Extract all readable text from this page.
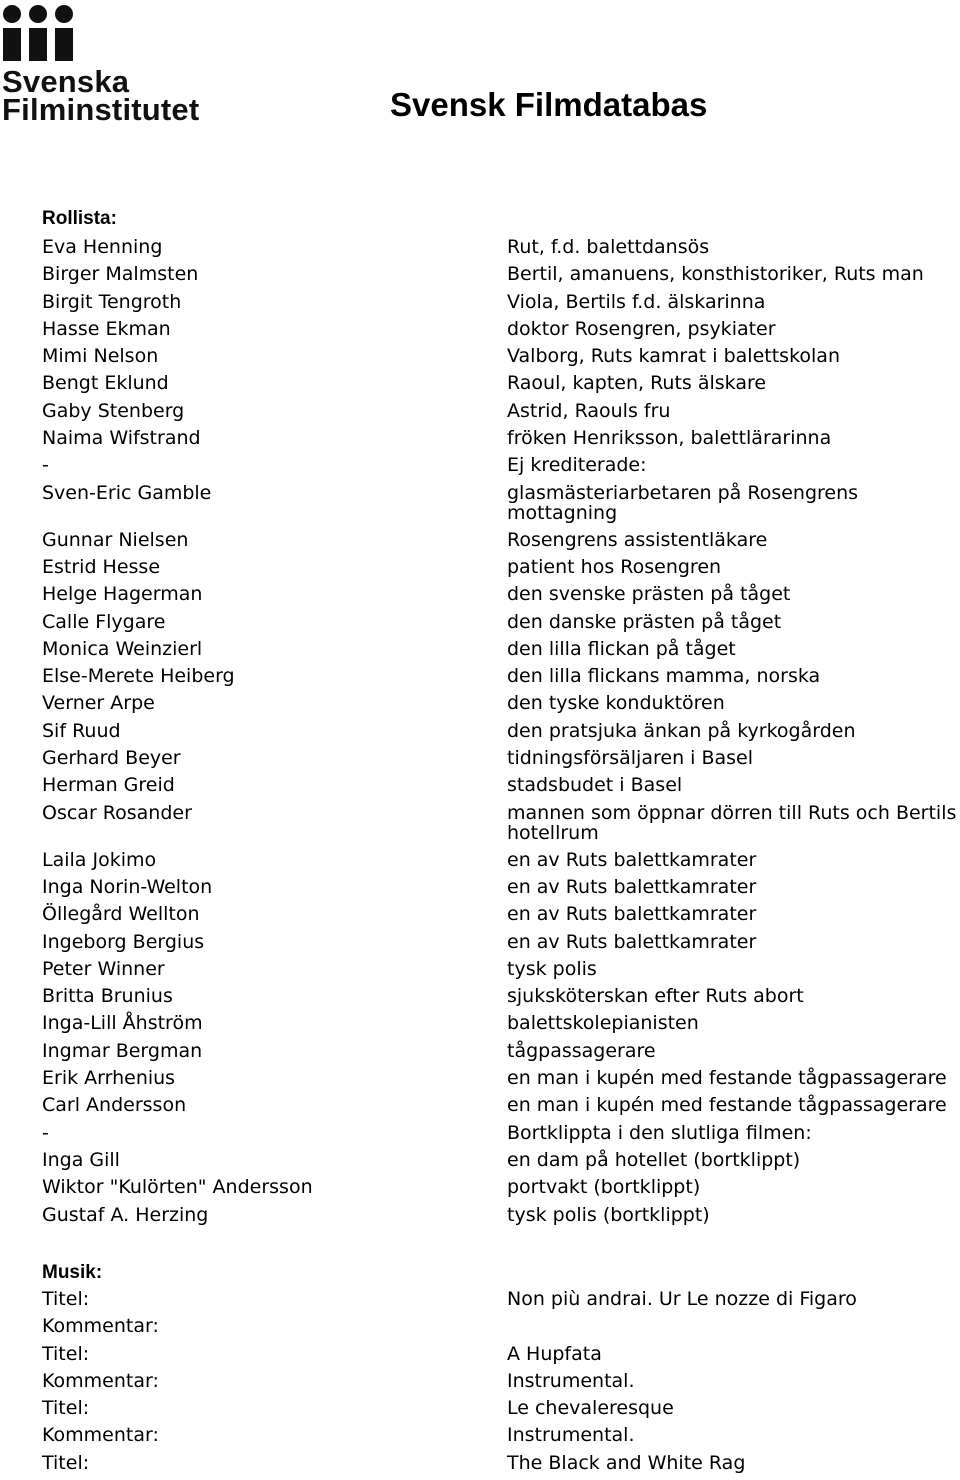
Svenska
Filminstitutet	Svensk Filmdatabas
Rollista:
Eva Henning	Rut, f.d. balettdansös
Birger Malmsten	Bertil, amanuens, konsthistoriker, Ruts man
Birgit Tengroth	Viola, Bertils f.d. älskarinna
Hasse Ekman	doktor Rosengren, psykiater
Mimi Nelson	Valborg, Ruts kamrat i balettskolan
Bengt Eklund	Raoul, kapten, Ruts älskare
Gaby Stenberg	Astrid, Raouls fru
Naima Wifstrand	fröken Henriksson, balettlärarinna
-	Ej krediterade:
Sven-Eric Gamble	glasmästeriarbetaren på Rosengrens mottagning
Gunnar Nielsen	Rosengrens assistentläkare
Estrid Hesse	patient hos Rosengren
Helge Hagerman	den svenske prästen på tåget
Calle Flygare	den danske prästen på tåget
Monica Weinzierl	den lilla flickan på tåget
Else-Merete Heiberg	den lilla flickans mamma, norska
Verner Arpe	den tyske konduktören
Sif Ruud	den pratsjuka änkan på kyrkogården
Gerhard Beyer	tidningsförsäljaren i Basel
Herman Greid	stadsbudet i Basel
Oscar Rosander	mannen som öppnar dörren till Ruts och Bertils hotellrum
Laila Jokimo	en av Ruts balettkamrater
Inga Norin-Welton	en av Ruts balettkamrater
Öllegård Wellton	en av Ruts balettkamrater
Ingeborg Bergius	en av Ruts balettkamrater
Peter Winner	tysk polis
Britta Brunius	sjuksköterskan efter Ruts abort
Inga-Lill Åhström	balettskolepianisten
Ingmar Bergman	tågpassagerare
Erik Arrhenius	en man i kupén med festande tågpassagerare
Carl Andersson	en man i kupén med festande tågpassagerare
-	Bortklippta i den slutliga filmen:
Inga Gill	en dam på hotellet (bortklippt)
Wiktor "Kulörten" Andersson	portvakt (bortklippt)
Gustaf A. Herzing	tysk polis (bortklippt)
Musik:
Titel:	Non più andrai. Ur Le nozze di Figaro
Kommentar:
Titel:	A Hupfata
Kommentar:	Instrumental.
Titel:	Le chevaleresque
Kommentar:	Instrumental.
Titel:	The Black and White Rag
